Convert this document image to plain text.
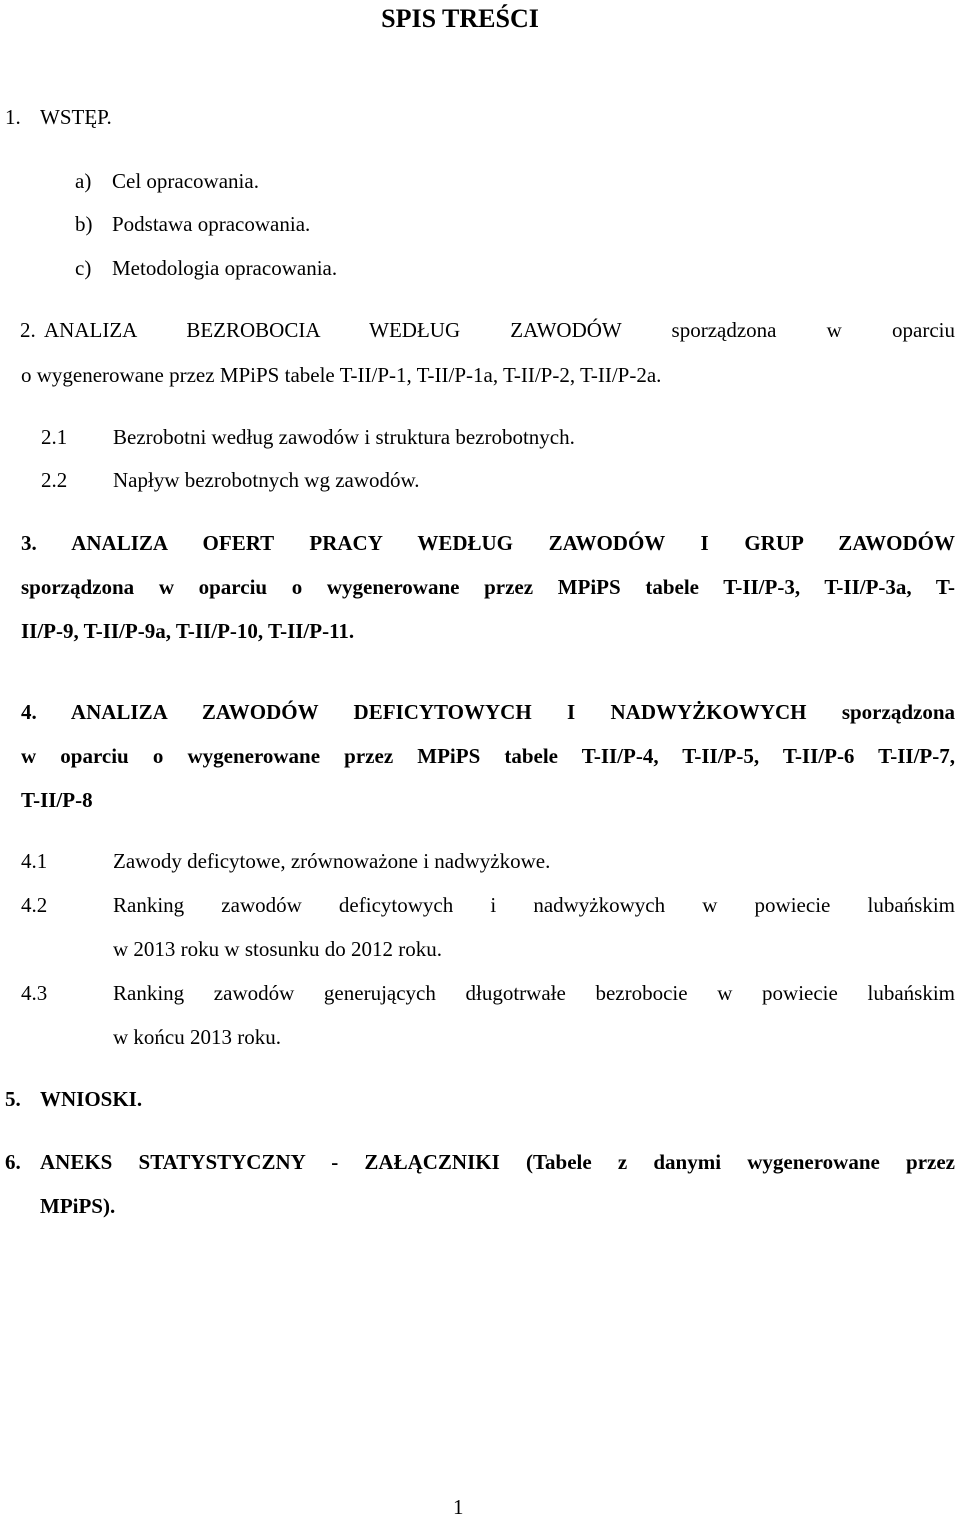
SPIS TREŚCI
1. WSTĘP.
a) Cel opracowania.
b) Podstawa opracowania.
c) Metodologia opracowania.
2. ANALIZA BEZROBOCIA WEDŁUG ZAWODÓW sporządzona w oparciu
o wygenerowane przez MPiPS tabele T-II/P-1, T-II/P-1a, T-II/P-2, T-II/P-2a.
2.1 Bezrobotni według zawodów i struktura bezrobotnych.
2.2 Napływ bezrobotnych wg zawodów.
3. ANALIZA OFERT PRACY WEDŁUG ZAWODÓW I GRUP ZAWODÓW
sporządzona w oparciu o wygenerowane przez MPiPS tabele T-II/P-3, T-II/P-3a, T-
II/P-9, T-II/P-9a, T-II/P-10, T-II/P-11.
4. ANALIZA ZAWODÓW DEFICYTOWYCH I NADWYŻKOWYCH sporządzona
w oparciu o wygenerowane przez MPiPS tabele T-II/P-4, T-II/P-5, T-II/P-6 T-II/P-7,
T-II/P-8
4.1	Zawody deficytowe, zrównoważone i nadwyżkowe.
4.2	Ranking zawodów deficytowych i nadwyżkowych w powiecie lubańskim
w 2013 roku w stosunku do 2012 roku.
4.3	Ranking zawodów generujących długotrwałe bezrobocie w powiecie lubańskim
w końcu 2013 roku.
5. WNIOSKI.
6. ANEKS STATYSTYCZNY - ZAŁĄCZNIKI (Tabele z danymi wygenerowane przez
MPiPS).
1
